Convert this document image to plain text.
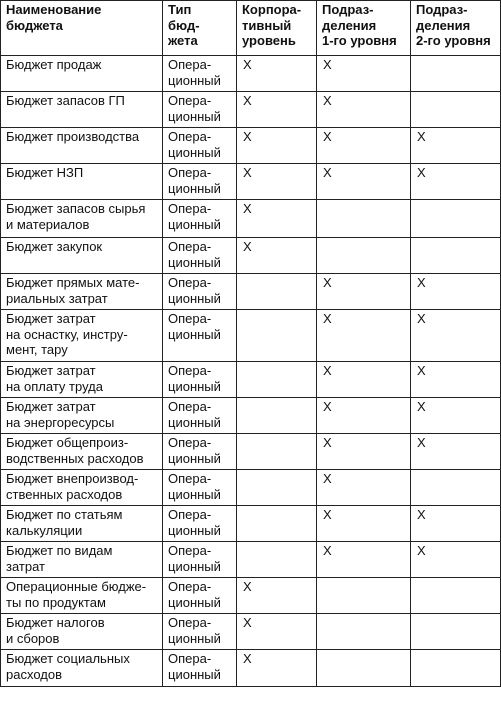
Наименование
бюджета	Тип
бюд-
жета	Корпора-
тивный
уровень	Подраз-
деления
1-го уровня	Подраз-
деления
2-го уровня

Бюджет продаж	Опера-
ционный	X	X	

Бюджет запасов ГП	Опера-
ционный	X	X	

Бюджет производства	Опера-
ционный	X	X	X

Бюджет НЗП	Опера-
ционный	X	X	X

Бюджет запасов сырья
и материалов	Опера-
ционный	X		

Бюджет закупок	Опера-
ционный	X		

Бюджет прямых мате-
риальных затрат	Опера-
ционный		X	X

Бюджет затрат
на оснастку, инстру-
мент, тару	Опера-
ционный		X	X

Бюджет затрат
на оплату труда	Опера-
ционный		X	X

Бюджет затрат
на энергоресурсы	Опера-
ционный		X	X

Бюджет общепроиз-
водственных расходов	Опера-
ционный		X	X

Бюджет внепроизвод-
ственных расходов	Опера-
ционный		X	

Бюджет по статьям
калькуляции	Опера-
ционный		X	X

Бюджет по видам
затрат	Опера-
ционный		X	X

Операционные бюдже-
ты по продуктам	Опера-
ционный	X		

Бюджет налогов
и сборов	Опера-
ционный	X		

Бюджет социальных
расходов	Опера-
ционный	X		
